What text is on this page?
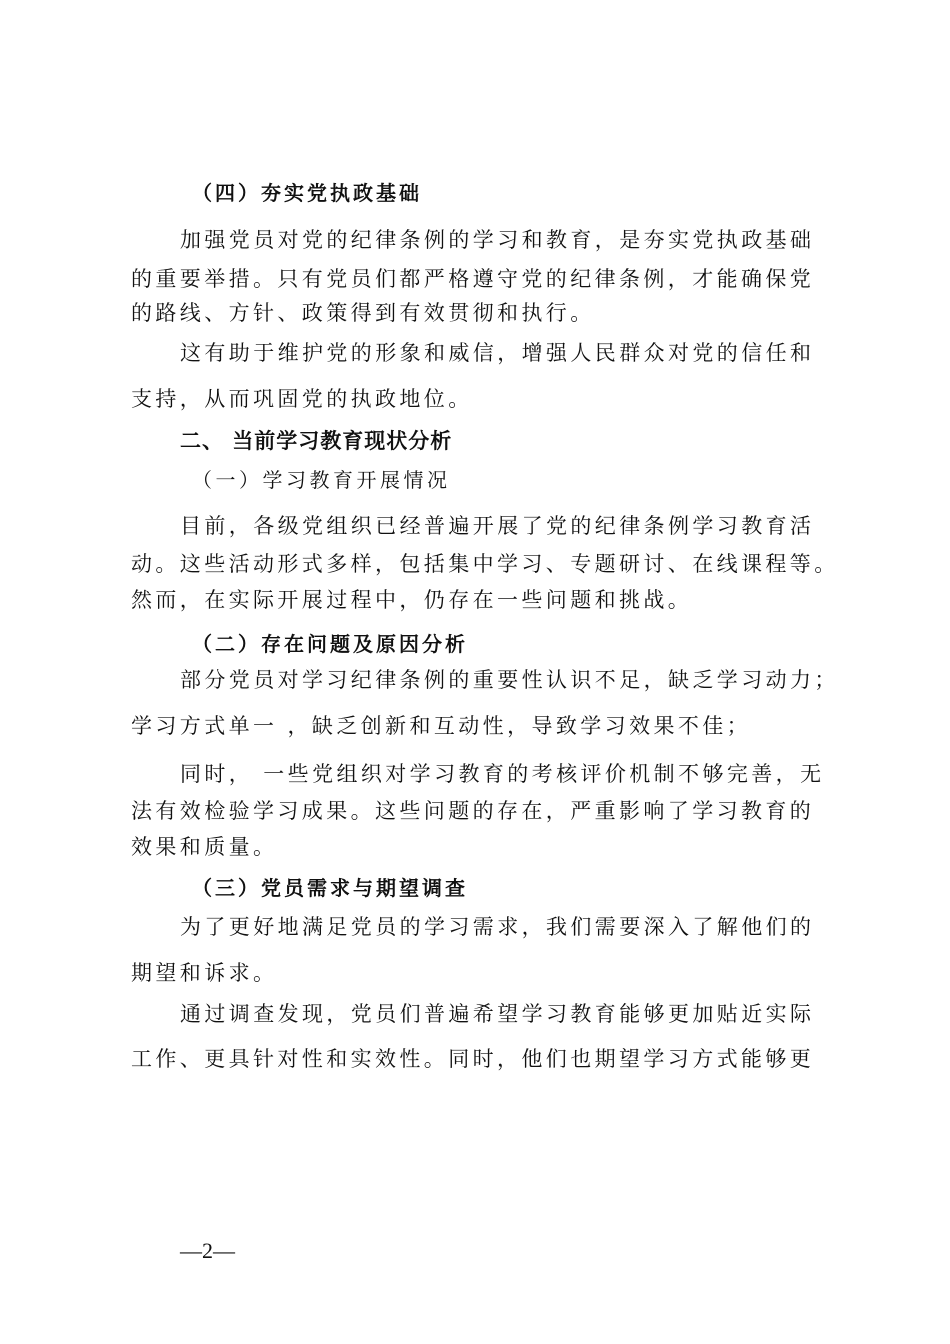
（四）夯实党执政基础
加强党员对党的纪律条例的学习和教育，是夯实党执政基础
的重要举措。只有党员们都严格遵守党的纪律条例，才能确保党
的路线、方针、政策得到有效贯彻和执行。
这有助于维护党的形象和威信，增强人民群众对党的信任和
支持，从而巩固党的执政地位。
二、 当前学习教育现状分析
（一）学习教育开展情况
目前，各级党组织已经普遍开展了党的纪律条例学习教育活
动。这些活动形式多样，包括集中学习、专题研讨、在线课程等。
然而，在实际开展过程中，仍存在一些问题和挑战。
（二）存在问题及原因分析
部分党员对学习纪律条例的重要性认识不足，缺乏学习动力；
学习方式单一 ，缺乏创新和互动性，导致学习效果不佳；
同时， 一些党组织对学习教育的考核评价机制不够完善，无
法有效检验学习成果。这些问题的存在，严重影响了学习教育的
效果和质量。
（三）党员需求与期望调查
为了更好地满足党员的学习需求，我们需要深入了解他们的
期望和诉求。
通过调查发现，党员们普遍希望学习教育能够更加贴近实际
工作、更具针对性和实效性。同时，他们也期望学习方式能够更
—2—
